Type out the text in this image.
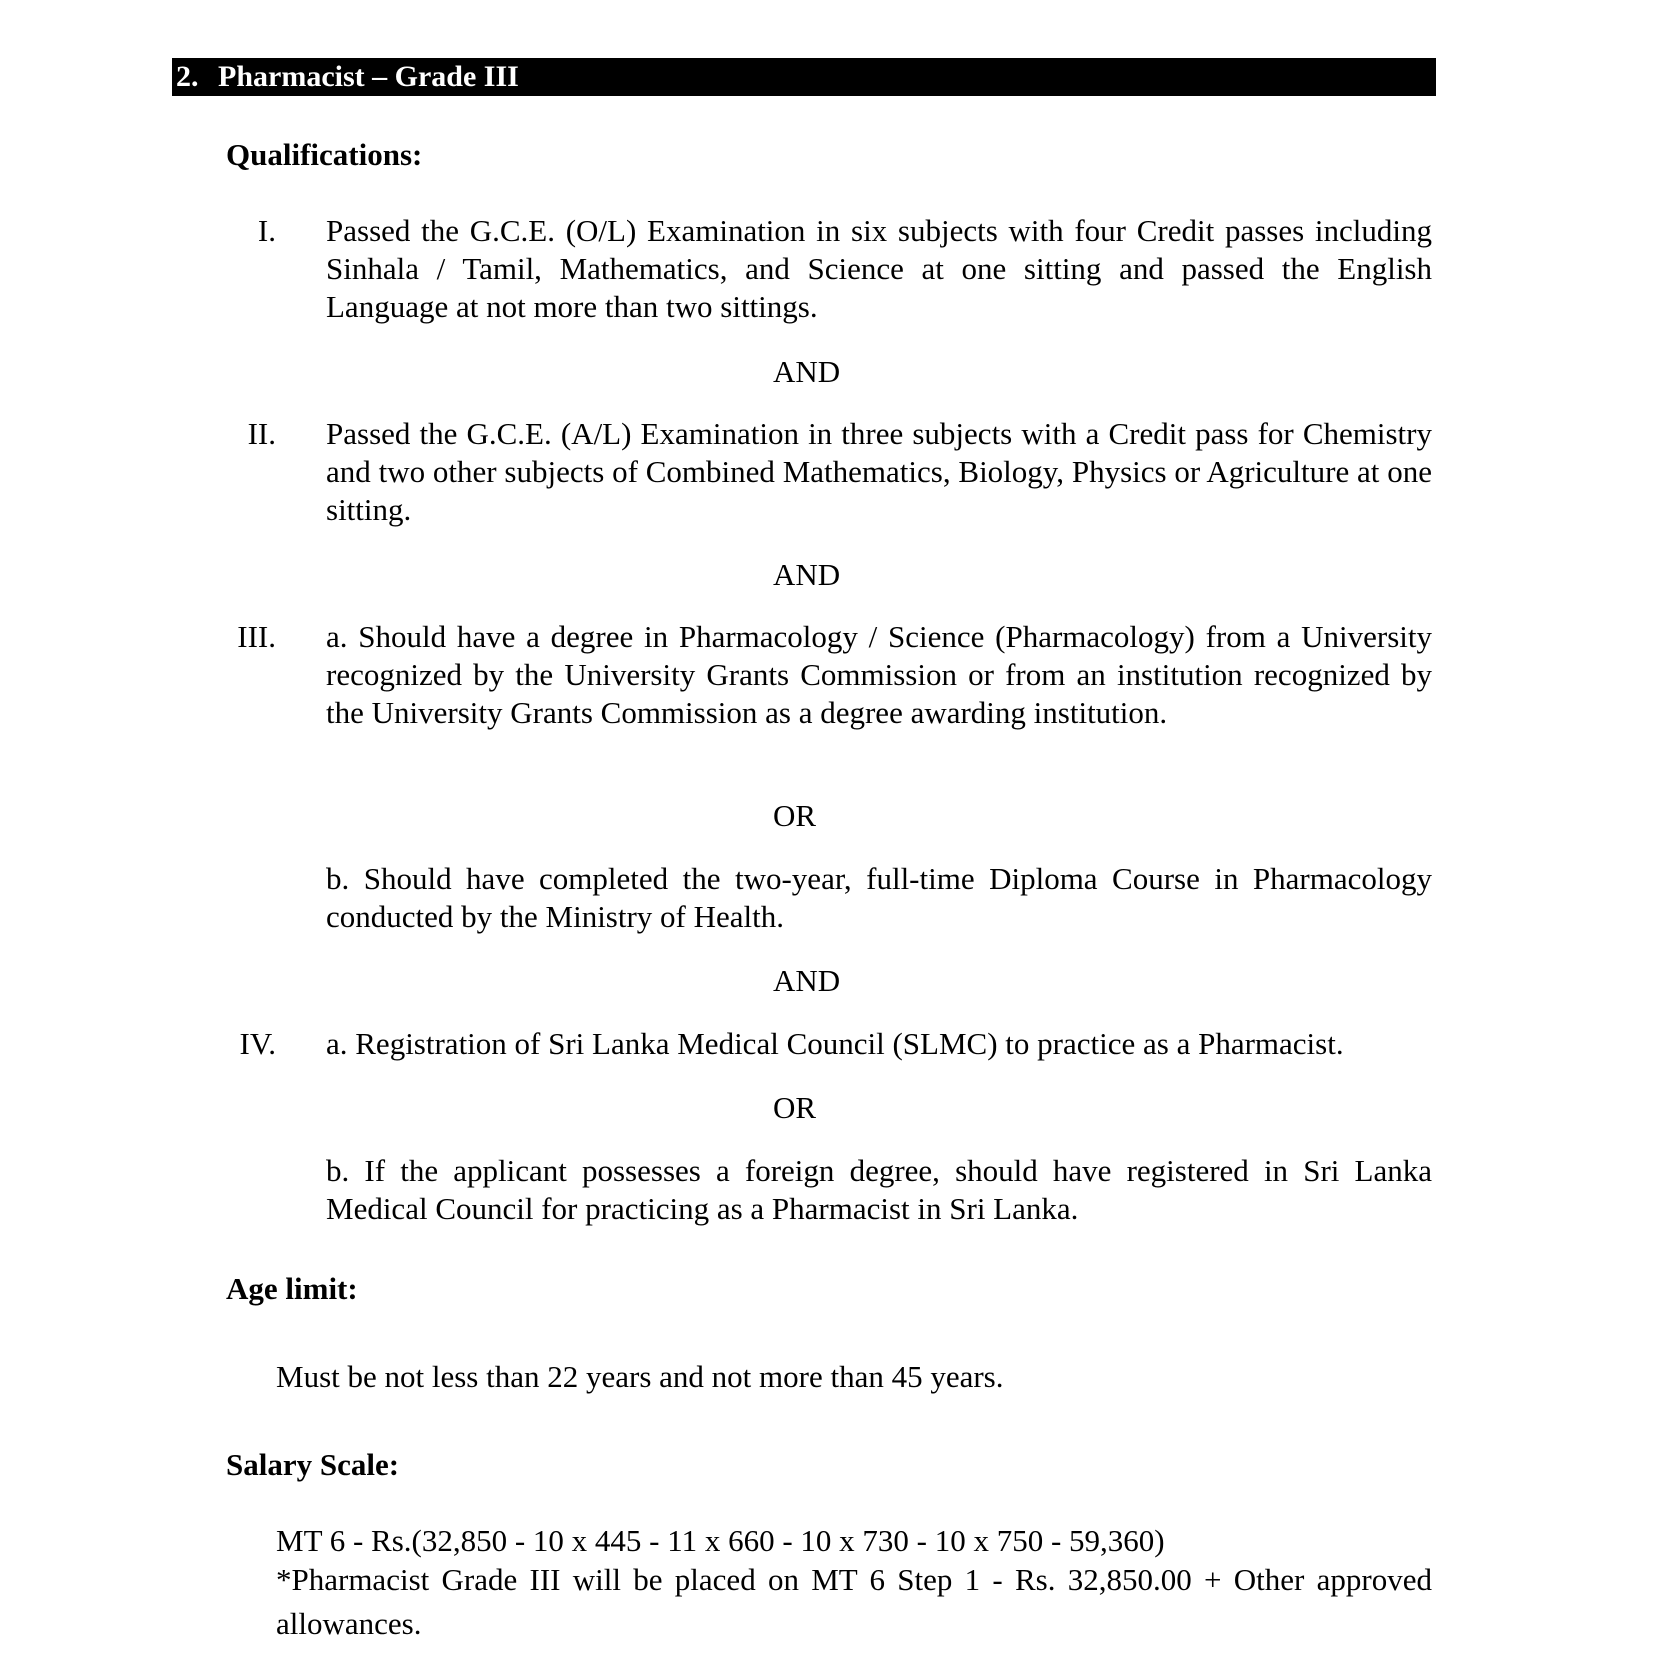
2. Pharmacist – Grade III
Qualifications:
I. Passed the G.C.E. (O/L) Examination in six subjects with four Credit passes including Sinhala / Tamil, Mathematics, and Science at one sitting and passed the English Language at not more than two sittings.
AND
II. Passed the G.C.E. (A/L) Examination in three subjects with a Credit pass for Chemistry and two other subjects of Combined Mathematics, Biology, Physics or Agriculture at one sitting.
AND
III. a. Should have a degree in Pharmacology / Science (Pharmacology) from a University recognized by the University Grants Commission or from an institution recognized by the University Grants Commission as a degree awarding institution.
OR
b. Should have completed the two-year, full-time Diploma Course in Pharmacology conducted by the Ministry of Health.
AND
IV. a. Registration of Sri Lanka Medical Council (SLMC) to practice as a Pharmacist.
OR
b. If the applicant possesses a foreign degree, should have registered in Sri Lanka Medical Council for practicing as a Pharmacist in Sri Lanka.
Age limit:
Must be not less than 22 years and not more than 45 years.
Salary Scale:
MT 6 - Rs.(32,850 - 10 x 445 - 11 x 660 - 10 x 730 - 10 x 750 - 59,360)
*Pharmacist Grade III will be placed on MT 6 Step 1 - Rs. 32,850.00 + Other approved allowances.
